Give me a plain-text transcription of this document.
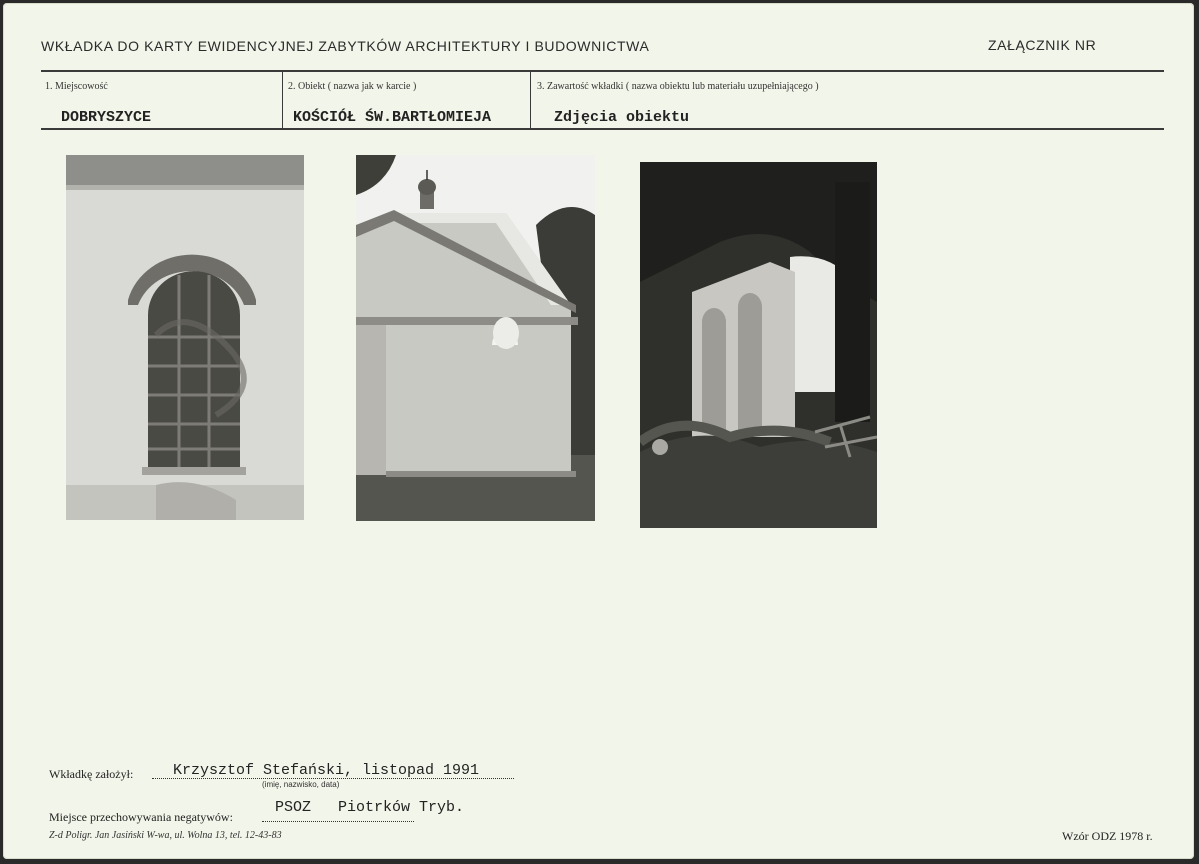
WKŁADKA DO KARTY EWIDENCYJNEJ ZABYTKÓW ARCHITEKTURY I BUDOWNICTWA	ZAŁĄCZNIK NR
1. Miejscowość	2. Obiekt ( nazwa jak w karcie )	3. Zawartość wkładki ( nazwa obiektu lub materiału uzupełniającego )
DOBRYSZYCE	KOŚCIÓŁ ŚW.BARTŁOMIEJA	Zdjęcia obiektu
Wkładkę założył:	Krzysztof Stefański, listopad 1991
(imię, nazwisko, data)
Miejsce przechowywania negatywów:
PSOZ   Piotrków Tryb.
Z-d Poligr. Jan Jasiński W-wa, ul. Wolna 13, tel. 12-43-83	Wzór ODZ 1978 r.
